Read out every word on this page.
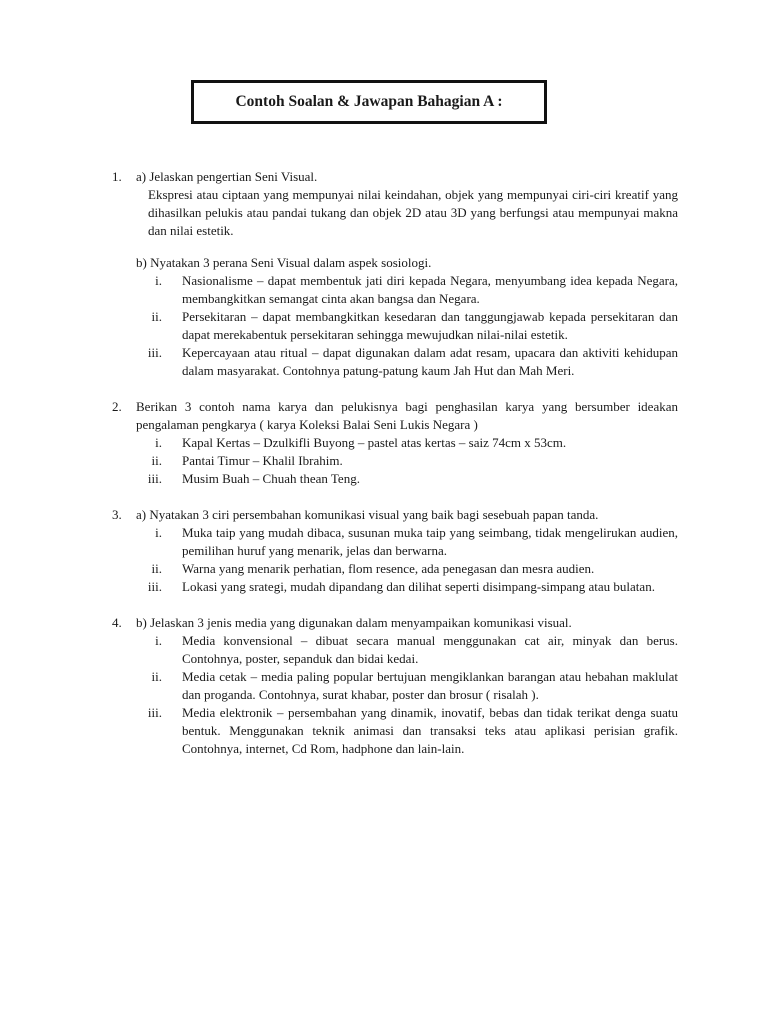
Contoh Soalan & Jawapan Bahagian A :
1. a) Jelaskan pengertian Seni Visual.

Ekspresi atau ciptaan yang mempunyai nilai keindahan, objek yang mempunyai ciri-ciri kreatif yang dihasilkan pelukis atau pandai tukang dan objek 2D atau 3D yang berfungsi atau mempunyai makna dan nilai estetik.

b) Nyatakan 3 perana Seni Visual dalam aspek sosiologi.

i. Nasionalisme – dapat membentuk jati diri kepada Negara, menyumbang idea kepada Negara, membangkitkan semangat cinta akan bangsa dan Negara.
ii. Persekitaran – dapat membangkitkan kesedaran dan tanggungjawab kepada persekitaran dan dapat merekabentuk persekitaran sehingga mewujudkan nilai-nilai estetik.
iii. Kepercayaan atau ritual – dapat digunakan dalam adat resam, upacara dan aktiviti kehidupan dalam masyarakat. Contohnya patung-patung kaum Jah Hut dan Mah Meri.
2. Berikan 3 contoh nama karya dan pelukisnya bagi penghasilan karya yang bersumber ideakan pengalaman pengkarya ( karya Koleksi Balai Seni Lukis Negara )

i. Kapal Kertas – Dzulkifli Buyong – pastel atas kertas – saiz 74cm x 53cm.
ii. Pantai Timur – Khalil Ibrahim.
iii. Musim Buah – Chuah thean Teng.
3. a) Nyatakan 3 ciri persembahan komunikasi visual yang baik bagi sesebuah papan tanda.

i. Muka taip yang mudah dibaca, susunan muka taip yang seimbang, tidak mengelirukan audien, pemilihan huruf yang menarik, jelas dan berwarna.
ii. Warna yang menarik perhatian, flom resence, ada penegasan dan mesra audien.
iii. Lokasi yang srategi, mudah dipandang dan dilihat seperti disimpang-simpang atau bulatan.
4. b) Jelaskan 3 jenis media yang digunakan dalam menyampaikan komunikasi visual.

i. Media konvensional – dibuat secara manual menggunakan cat air, minyak dan berus. Contohnya, poster, sepanduk dan bidai kedai.
ii. Media cetak – media paling popular bertujuan mengiklankan barangan atau hebahan maklulat dan proganda. Contohnya, surat khabar, poster dan brosur ( risalah ).
iii. Media elektronik – persembahan yang dinamik, inovatif, bebas dan tidak terikat denga suatu bentuk. Menggunakan teknik animasi dan transaksi teks atau aplikasi perisian grafik. Contohnya, internet, Cd Rom, hadphone dan lain-lain.
